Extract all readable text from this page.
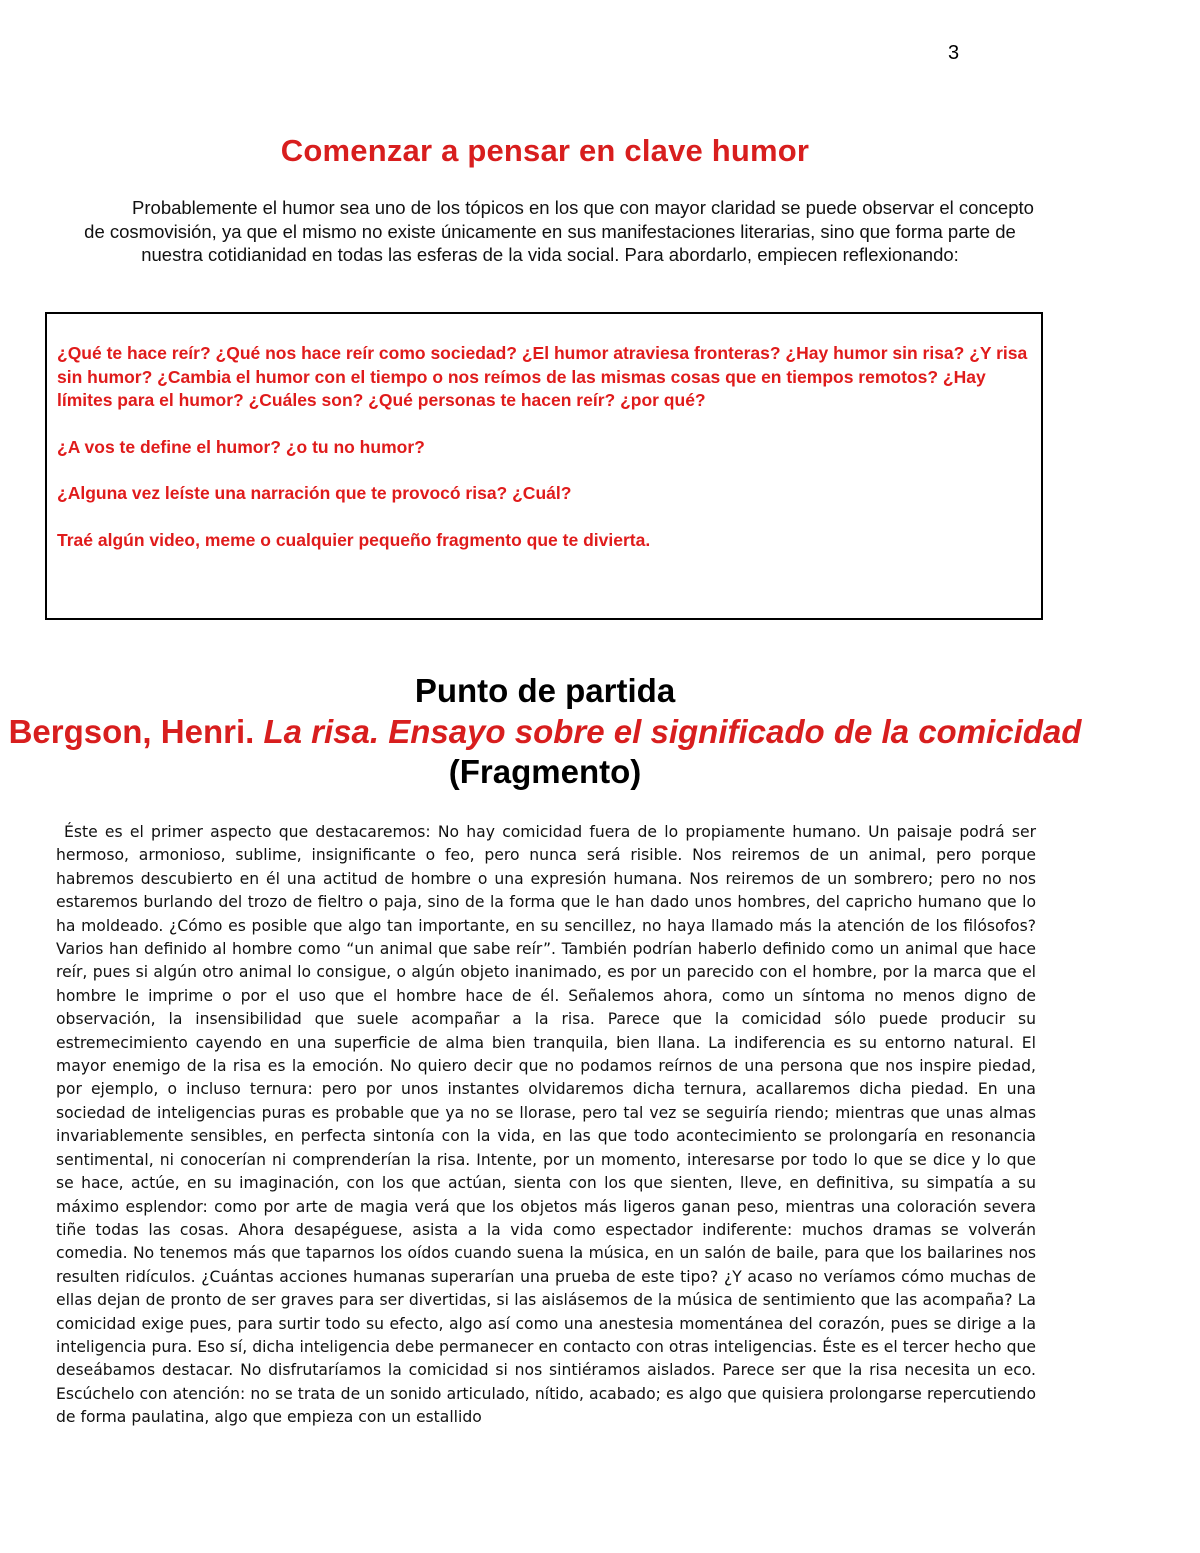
3
Comenzar a pensar en clave humor
Probablemente el humor sea uno de los tópicos en los que con mayor claridad se puede observar el concepto de cosmovisión, ya que el mismo no existe únicamente en sus manifestaciones literarias, sino que forma parte de nuestra cotidianidad en todas las esferas de la vida social. Para abordarlo, empiecen reflexionando:

¿Qué te hace reír? ¿Qué nos hace reír como sociedad? ¿El humor atraviesa fronteras? ¿Hay humor sin risa? ¿Y risa sin humor? ¿Cambia el humor con el tiempo o nos reímos de las mismas cosas que en tiempos remotos? ¿Hay límites para el humor? ¿Cuáles son? ¿Qué personas te hacen reír? ¿por qué?

¿A vos te define el humor? ¿o tu no humor?

¿Alguna vez leíste una narración que te provocó risa? ¿Cuál?

Traé algún video, meme o cualquier pequeño fragmento que te divierta.

Punto de partida
Bergson, Henri. La risa. Ensayo sobre el significado de la comicidad (Fragmento)
Éste es el primer aspecto que destacaremos: No hay comicidad fuera de lo propiamente humano. Un paisaje podrá ser hermoso, armonioso, sublime, insignificante o feo, pero nunca será risible. Nos reiremos de un animal, pero porque habremos descubierto en él una actitud de hombre o una expresión humana. Nos reiremos de un sombrero; pero no nos estaremos burlando del trozo de fieltro o paja, sino de la forma que le han dado unos hombres, del capricho humano que lo ha moldeado. ¿Cómo es posible que algo tan importante, en su sencillez, no haya llamado más la atención de los filósofos? Varios han definido al hombre como “un animal que sabe reír”. También podrían haberlo definido como un animal que hace reír, pues si algún otro animal lo consigue, o algún objeto inanimado, es por un parecido con el hombre, por la marca que el hombre le imprime o por el uso que el hombre hace de él. Señalemos ahora, como un síntoma no menos digno de observación, la insensibilidad que suele acompañar a la risa. Parece que la comicidad sólo puede producir su estremecimiento cayendo en una superficie de alma bien tranquila, bien llana. La indiferencia es su entorno natural. El mayor enemigo de la risa es la emoción. No quiero decir que no podamos reírnos de una persona que nos inspire piedad, por ejemplo, o incluso ternura: pero por unos instantes olvidaremos dicha ternura, acallaremos dicha piedad. En una sociedad de inteligencias puras es probable que ya no se llorase, pero tal vez se seguiría riendo; mientras que unas almas invariablemente sensibles, en perfecta sintonía con la vida, en las que todo acontecimiento se prolongaría en resonancia sentimental, ni conocerían ni comprenderían la risa. Intente, por un momento, interesarse por todo lo que se dice y lo que se hace, actúe, en su imaginación, con los que actúan, sienta con los que sienten, lleve, en definitiva, su simpatía a su máximo esplendor: como por arte de magia verá que los objetos más ligeros ganan peso, mientras una coloración severa tiñe todas las cosas. Ahora desapéguese, asista a la vida como espectador indiferente: muchos dramas se volverán comedia. No tenemos más que taparnos los oídos cuando suena la música, en un salón de baile, para que los bailarines nos resulten ridículos. ¿Cuántas acciones humanas superarían una prueba de este tipo? ¿Y acaso no veríamos cómo muchas de ellas dejan de pronto de ser graves para ser divertidas, si las aislásemos de la música de sentimiento que las acompaña? La comicidad exige pues, para surtir todo su efecto, algo así como una anestesia momentánea del corazón, pues se dirige a la inteligencia pura. Eso sí, dicha inteligencia debe permanecer en contacto con otras inteligencias. Éste es el tercer hecho que deseábamos destacar. No disfrutaríamos la comicidad si nos sintiéramos aislados. Parece ser que la risa necesita un eco. Escúchelo con atención: no se trata de un sonido articulado, nítido, acabado; es algo que quisiera prolongarse repercutiendo de forma paulatina, algo que empieza con un estallido
